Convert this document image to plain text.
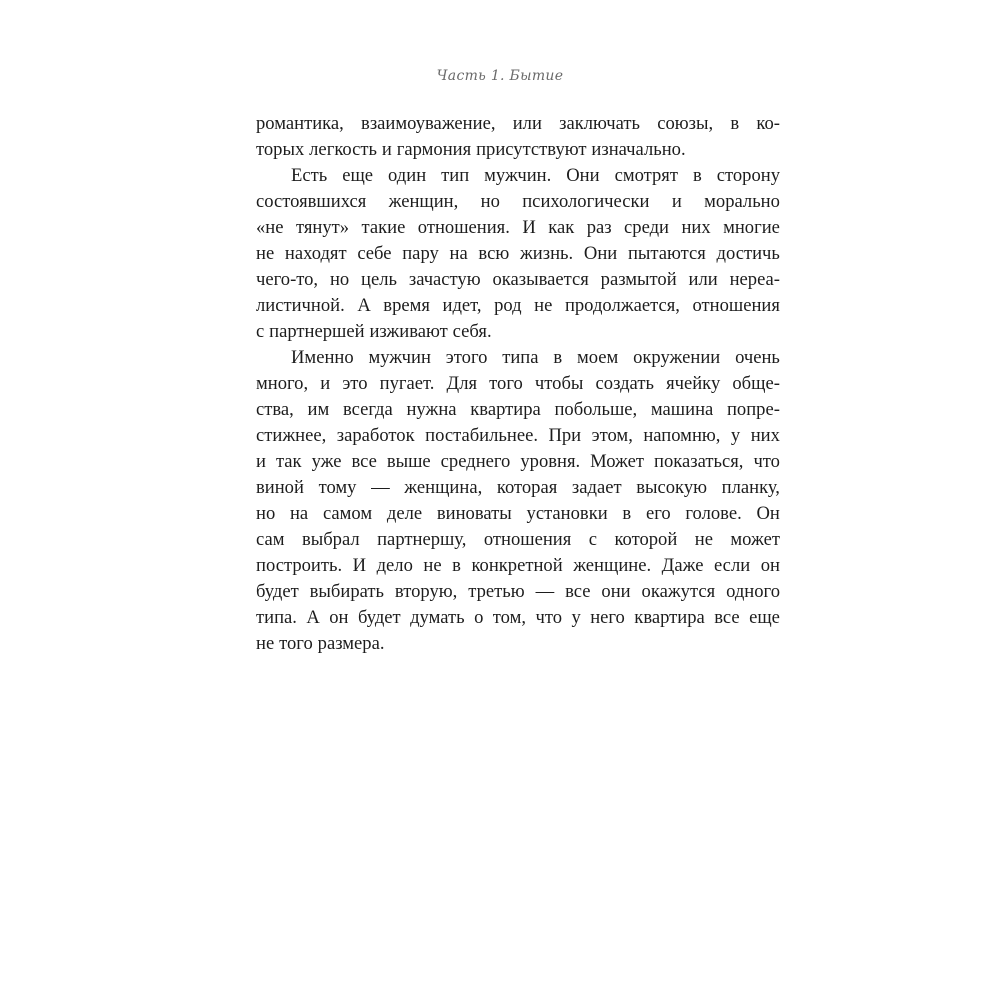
Часть 1. Бытие
романтика, взаимоуважение, или заключать союзы, в ко-
торых легкость и гармония присутствуют изначально.
Есть еще один тип мужчин. Они смотрят в сторону
состоявшихся женщин, но психологически и морально
«не тянут» такие отношения. И как раз среди них многие
не находят себе пару на всю жизнь. Они пытаются достичь
чего-то, но цель зачастую оказывается размытой или нереа-
листичной. А время идет, род не продолжается, отношения
с партнершей изживают себя.
Именно мужчин этого типа в моем окружении очень
много, и это пугает. Для того чтобы создать ячейку обще-
ства, им всегда нужна квартира побольше, машина попре-
стижнее, заработок постабильнее. При этом, напомню, у них
и так уже все выше среднего уровня. Может показаться, что
виной тому — женщина, которая задает высокую планку,
но на самом деле виноваты установки в его голове. Он
сам выбрал партнершу, отношения с которой не может
построить. И дело не в конкретной женщине. Даже если он
будет выбирать вторую, третью — все они окажутся одного
типа. А он будет думать о том, что у него квартира все еще
не того размера.
